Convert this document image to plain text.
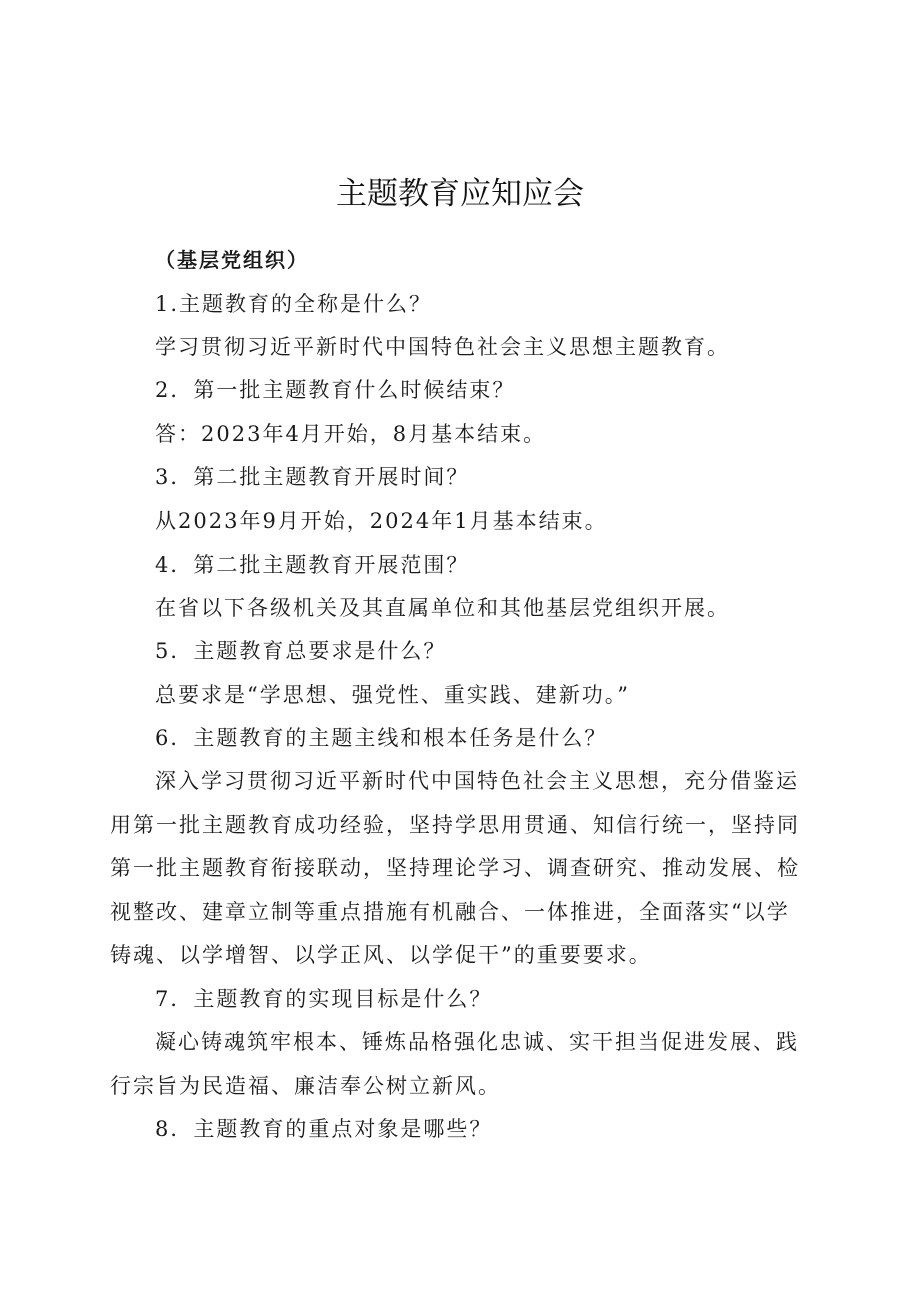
主题教育应知应会
（基层党组织）
1.主题教育的全称是什么？
学习贯彻习近平新时代中国特色社会主义思想主题教育。
2．第一批主题教育什么时候结束？
答：2023年4月开始，8月基本结束。
3．第二批主题教育开展时间？
从2023年9月开始，2024年1月基本结束。
4．第二批主题教育开展范围？
在省以下各级机关及其直属单位和其他基层党组织开展。
5．主题教育总要求是什么？
总要求是“学思想、强党性、重实践、建新功。”
6．主题教育的主题主线和根本任务是什么？
深入学习贯彻习近平新时代中国特色社会主义思想，充分借鉴运
用第一批主题教育成功经验，坚持学思用贯通、知信行统一，坚持同
第一批主题教育衔接联动，坚持理论学习、调查研究、推动发展、检
视整改、建章立制等重点措施有机融合、一体推进，全面落实“以学
铸魂、以学增智、以学正风、以学促干”的重要要求。
7．主题教育的实现目标是什么？
凝心铸魂筑牢根本、锤炼品格强化忠诚、实干担当促进发展、践
行宗旨为民造福、廉洁奉公树立新风。
8．主题教育的重点对象是哪些？
